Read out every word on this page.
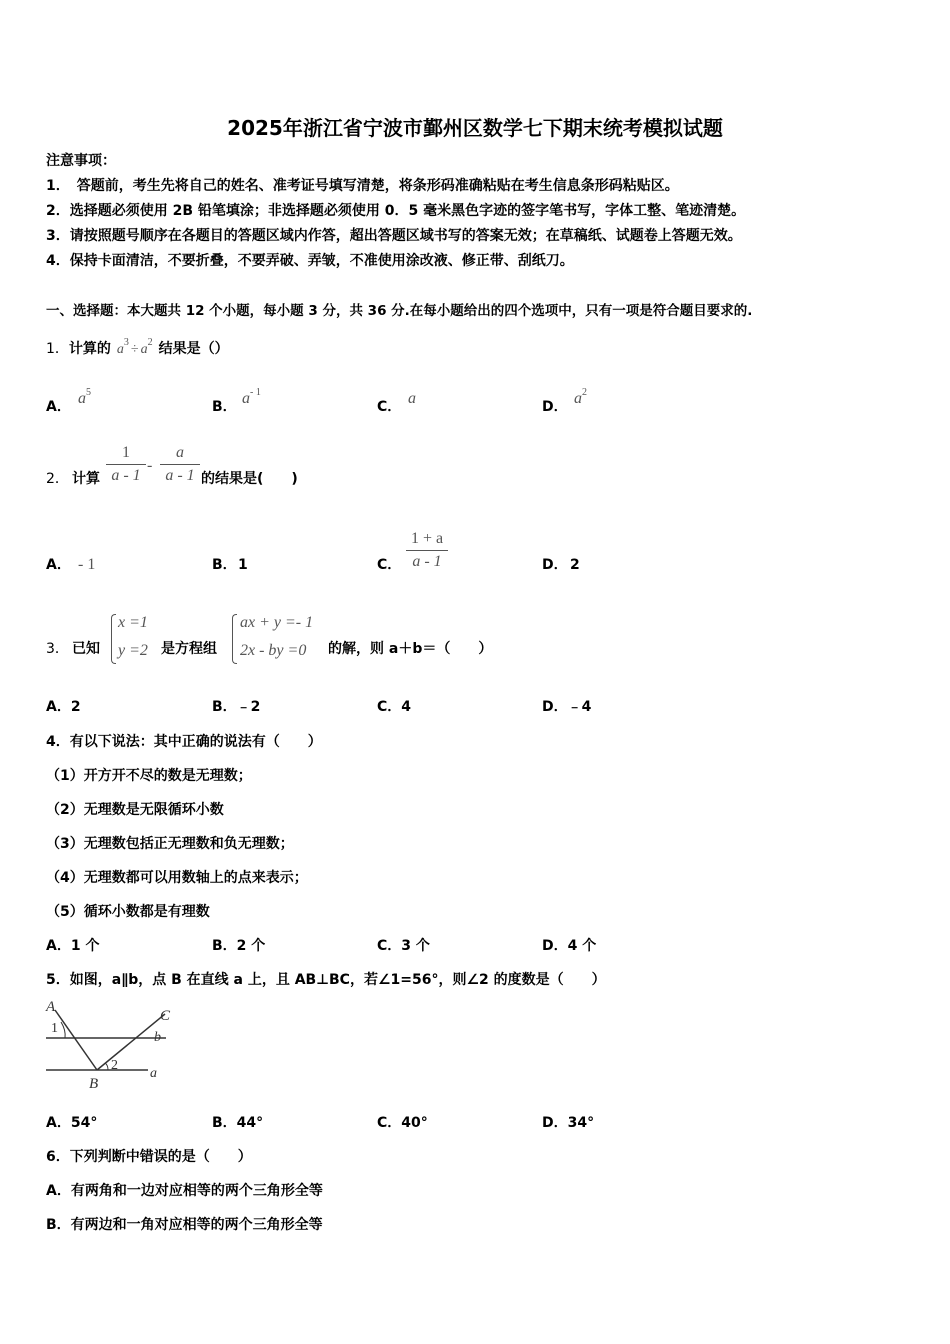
2025年浙江省宁波市鄞州区数学七下期末统考模拟试题
注意事项：
1．　答题前，考生先将自己的姓名、准考证号填写清楚，将条形码准确粘贴在考生信息条形码粘贴区。
2．选择题必须使用 2B 铅笔填涂；非选择题必须使用 0．5 毫米黑色字迹的签字笔书写，字体工整、笔迹清楚。
3．请按照题号顺序在各题目的答题区域内作答，超出答题区域书写的答案无效；在草稿纸、试题卷上答题无效。
4．保持卡面清洁，不要折叠，不要弄破、弄皱，不准使用涂改液、修正带、刮纸刀。
一、选择题：本大题共 12 个小题，每小题 3 分，共 36 分.在每小题给出的四个选项中，只有一项是符合题目要求的.
1．计算的 $a^3 \div a^2$ 结果是（）
A． $a^5$
B． $a^{- 1}$
C． a	D． $a^2$
2． 计算 $\frac{1}{a - 1} - \frac{a}{a - 1}$ 的结果是(　　)
A． - 1	B． 1	C． $\frac{1 + a}{a - 1}$	D． 2
3． 已知
x =1
y =2 是方程组
ax + y =- 1
2x - by =0 的解，则 a＋b＝（　　）
A．2	B．﹣2	C．4	D．﹣4
4．有以下说法：其中正确的说法有（　　）
（1）开方开不尽的数是无理数；
（2）无理数是无限循环小数
（3）无理数包括正无理数和负无理数；
（4）无理数都可以用数轴上的点来表示；
（5）循环小数都是有理数
A．1 个	B．2 个	C．3 个	D．4 个
5．如图，a∥b，点 B 在直线 a 上，且 AB⊥BC，若∠1=56°，则∠2 的度数是（　　）
A
C
b
a
B
1
2
A．54°	B．44°	C．40°	D．34°
6．下列判断中错误的是（　　）
A．有两角和一边对应相等的两个三角形全等
B．有两边和一角对应相等的两个三角形全等
